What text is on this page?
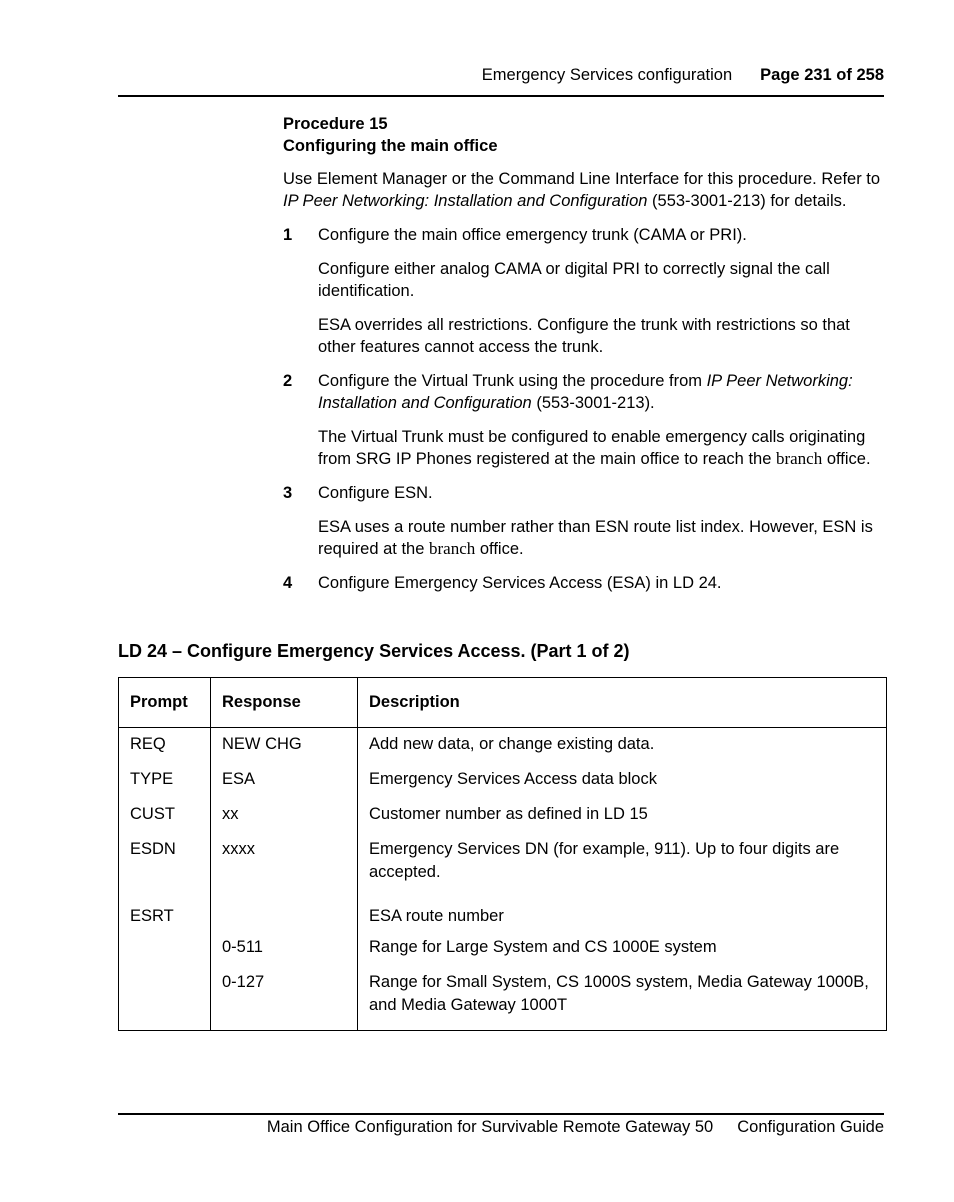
Emergency Services configuration Page 231 of 258
Procedure 15
Configuring the main office
Use Element Manager or the Command Line Interface for this procedure. Refer to IP Peer Networking: Installation and Configuration (553-3001-213) for details.
1 Configure the main office emergency trunk (CAMA or PRI).
Configure either analog CAMA or digital PRI to correctly signal the call identification.
ESA overrides all restrictions. Configure the trunk with restrictions so that other features cannot access the trunk.
2 Configure the Virtual Trunk using the procedure from IP Peer Networking: Installation and Configuration (553-3001-213).
The Virtual Trunk must be configured to enable emergency calls originating from SRG IP Phones registered at the main office to reach the branch office.
3 Configure ESN.
ESA uses a route number rather than ESN route list index. However, ESN is required at the branch office.
4 Configure Emergency Services Access (ESA) in LD 24.
LD 24 – Configure Emergency Services Access. (Part 1 of 2)
Prompt	Response	Description
REQ	NEW CHG	Add new data, or change existing data.
TYPE	ESA	Emergency Services Access data block
CUST	xx	Customer number as defined in LD 15
ESDN	xxxx	Emergency Services DN (for example, 911). Up to four digits are accepted.
ESRT		ESA route number
	0-511	Range for Large System and CS 1000E system
	0-127	Range for Small System, CS 1000S system, Media Gateway 1000B, and Media Gateway 1000T
Main Office Configuration for Survivable Remote Gateway 50 Configuration Guide
